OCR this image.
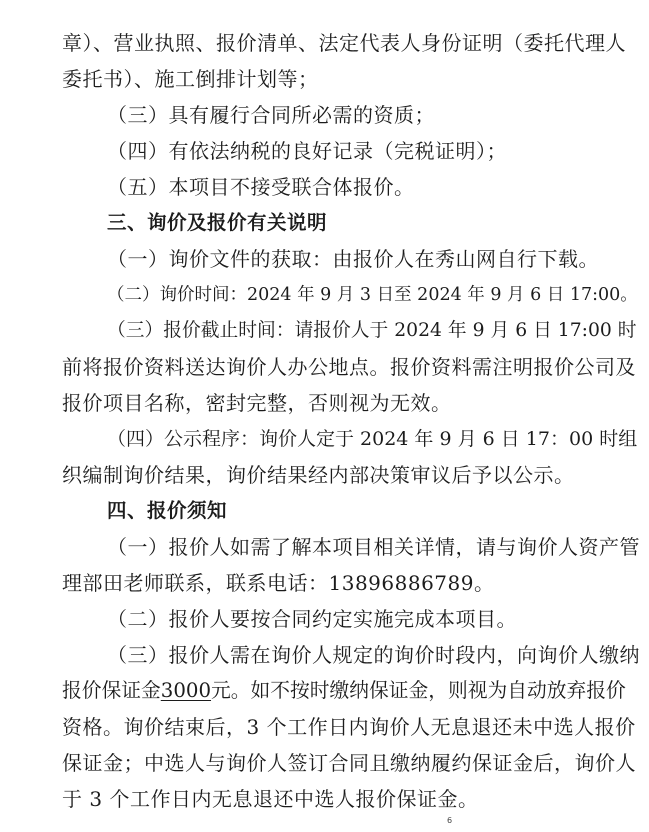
章）、营业执照、报价清单、法定代表人身份证明（委托代理人
委托书）、施工倒排计划等；
（三）具有履行合同所必需的资质；
（四）有依法纳税的良好记录（完税证明）；
（五）本项目不接受联合体报价。
三、询价及报价有关说明
（一）询价文件的获取：由报价人在秀山网自行下载。
（二）询价时间：2024 年 9 月 3 日至 2024 年 9 月 6 日 17:00。
（三）报价截止时间：请报价人于 2024 年 9 月 6 日 17:00 时
前将报价资料送达询价人办公地点。报价资料需注明报价公司及
报价项目名称，密封完整，否则视为无效。
（四）公示程序：询价人定于 2024 年 9 月 6 日 17：00 时组
织编制询价结果，询价结果经内部决策审议后予以公示。
四、报价须知
（一）报价人如需了解本项目相关详情，请与询价人资产管
理部田老师联系，联系电话：13896886789。
（二）报价人要按合同约定实施完成本项目。
（三）报价人需在询价人规定的询价时段内，向询价人缴纳
报价保证金3000元。如不按时缴纳保证金，则视为自动放弃报价
资格。询价结束后，3 个工作日内询价人无息退还未中选人报价
保证金；中选人与询价人签订合同且缴纳履约保证金后，询价人
于 3 个工作日内无息退还中选人报价保证金。
6
